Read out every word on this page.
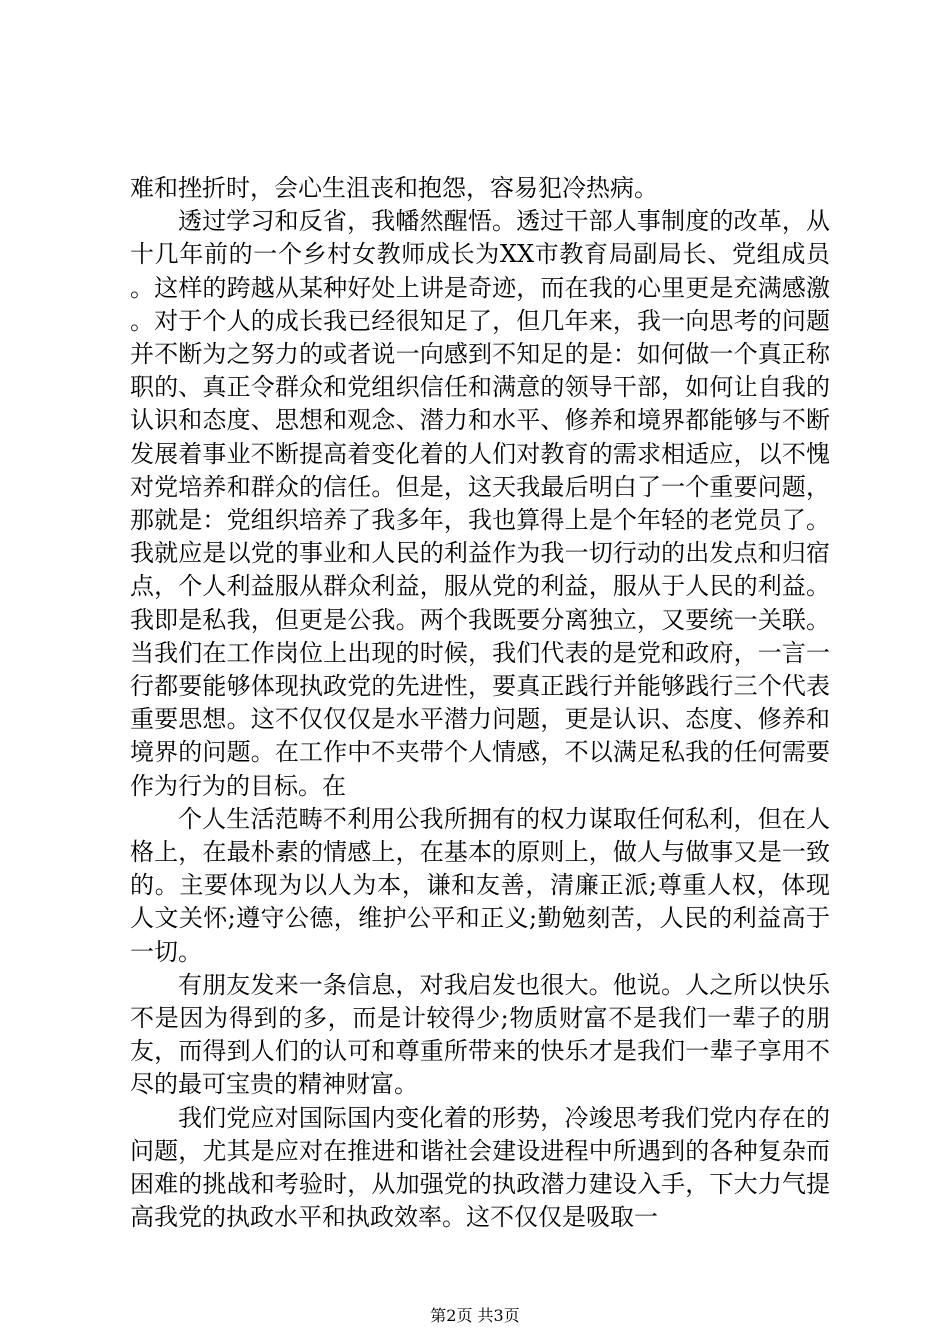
难和挫折时，会心生沮丧和抱怨，容易犯冷热病。

透过学习和反省，我幡然醒悟。透过干部人事制度的改革，从十几年前的一个乡村女教师成长为XX市教育局副局长、党组成员。这样的跨越从某种好处上讲是奇迹，而在我的心里更是充满感激。对于个人的成长我已经很知足了，但几年来，我一向思考的问题并不断为之努力的或者说一向感到不知足的是：如何做一个真正称职的、真正令群众和党组织信任和满意的领导干部，如何让自我的认识和态度、思想和观念、潜力和水平、修养和境界都能够与不断发展着事业不断提高着变化着的人们对教育的需求相适应，以不愧对党培养和群众的信任。但是，这天我最后明白了一个重要问题，那就是：党组织培养了我多年，我也算得上是个年轻的老党员了。我就应是以党的事业和人民的利益作为我一切行动的出发点和归宿点，个人利益服从群众利益，服从党的利益，服从于人民的利益。我即是私我，但更是公我。两个我既要分离独立，又要统一关联。当我们在工作岗位上出现的时候，我们代表的是党和政府，一言一行都要能够体现执政党的先进性，要真正践行并能够践行三个代表重要思想。这不仅仅仅是水平潜力问题，更是认识、态度、修养和境界的问题。在工作中不夹带个人情感，不以满足私我的任何需要作为行为的目标。在

个人生活范畴不利用公我所拥有的权力谋取任何私利，但在人格上，在最朴素的情感上，在基本的原则上，做人与做事又是一致的。主要体现为以人为本，谦和友善，清廉正派;尊重人权，体现人文关怀;遵守公德，维护公平和正义;勤勉刻苦，人民的利益高于一切。

有朋友发来一条信息，对我启发也很大。他说。人之所以快乐不是因为得到的多，而是计较得少;物质财富不是我们一辈子的朋友，而得到人们的认可和尊重所带来的快乐才是我们一辈子享用不尽的最可宝贵的精神财富。

我们党应对国际国内变化着的形势，冷竣思考我们党内存在的问题，尤其是应对在推进和谐社会建设进程中所遇到的各种复杂而困难的挑战和考验时，从加强党的执政潜力建设入手，下大力气提高我党的执政水平和执政效率。这不仅仅是吸取一

第2页 共3页
